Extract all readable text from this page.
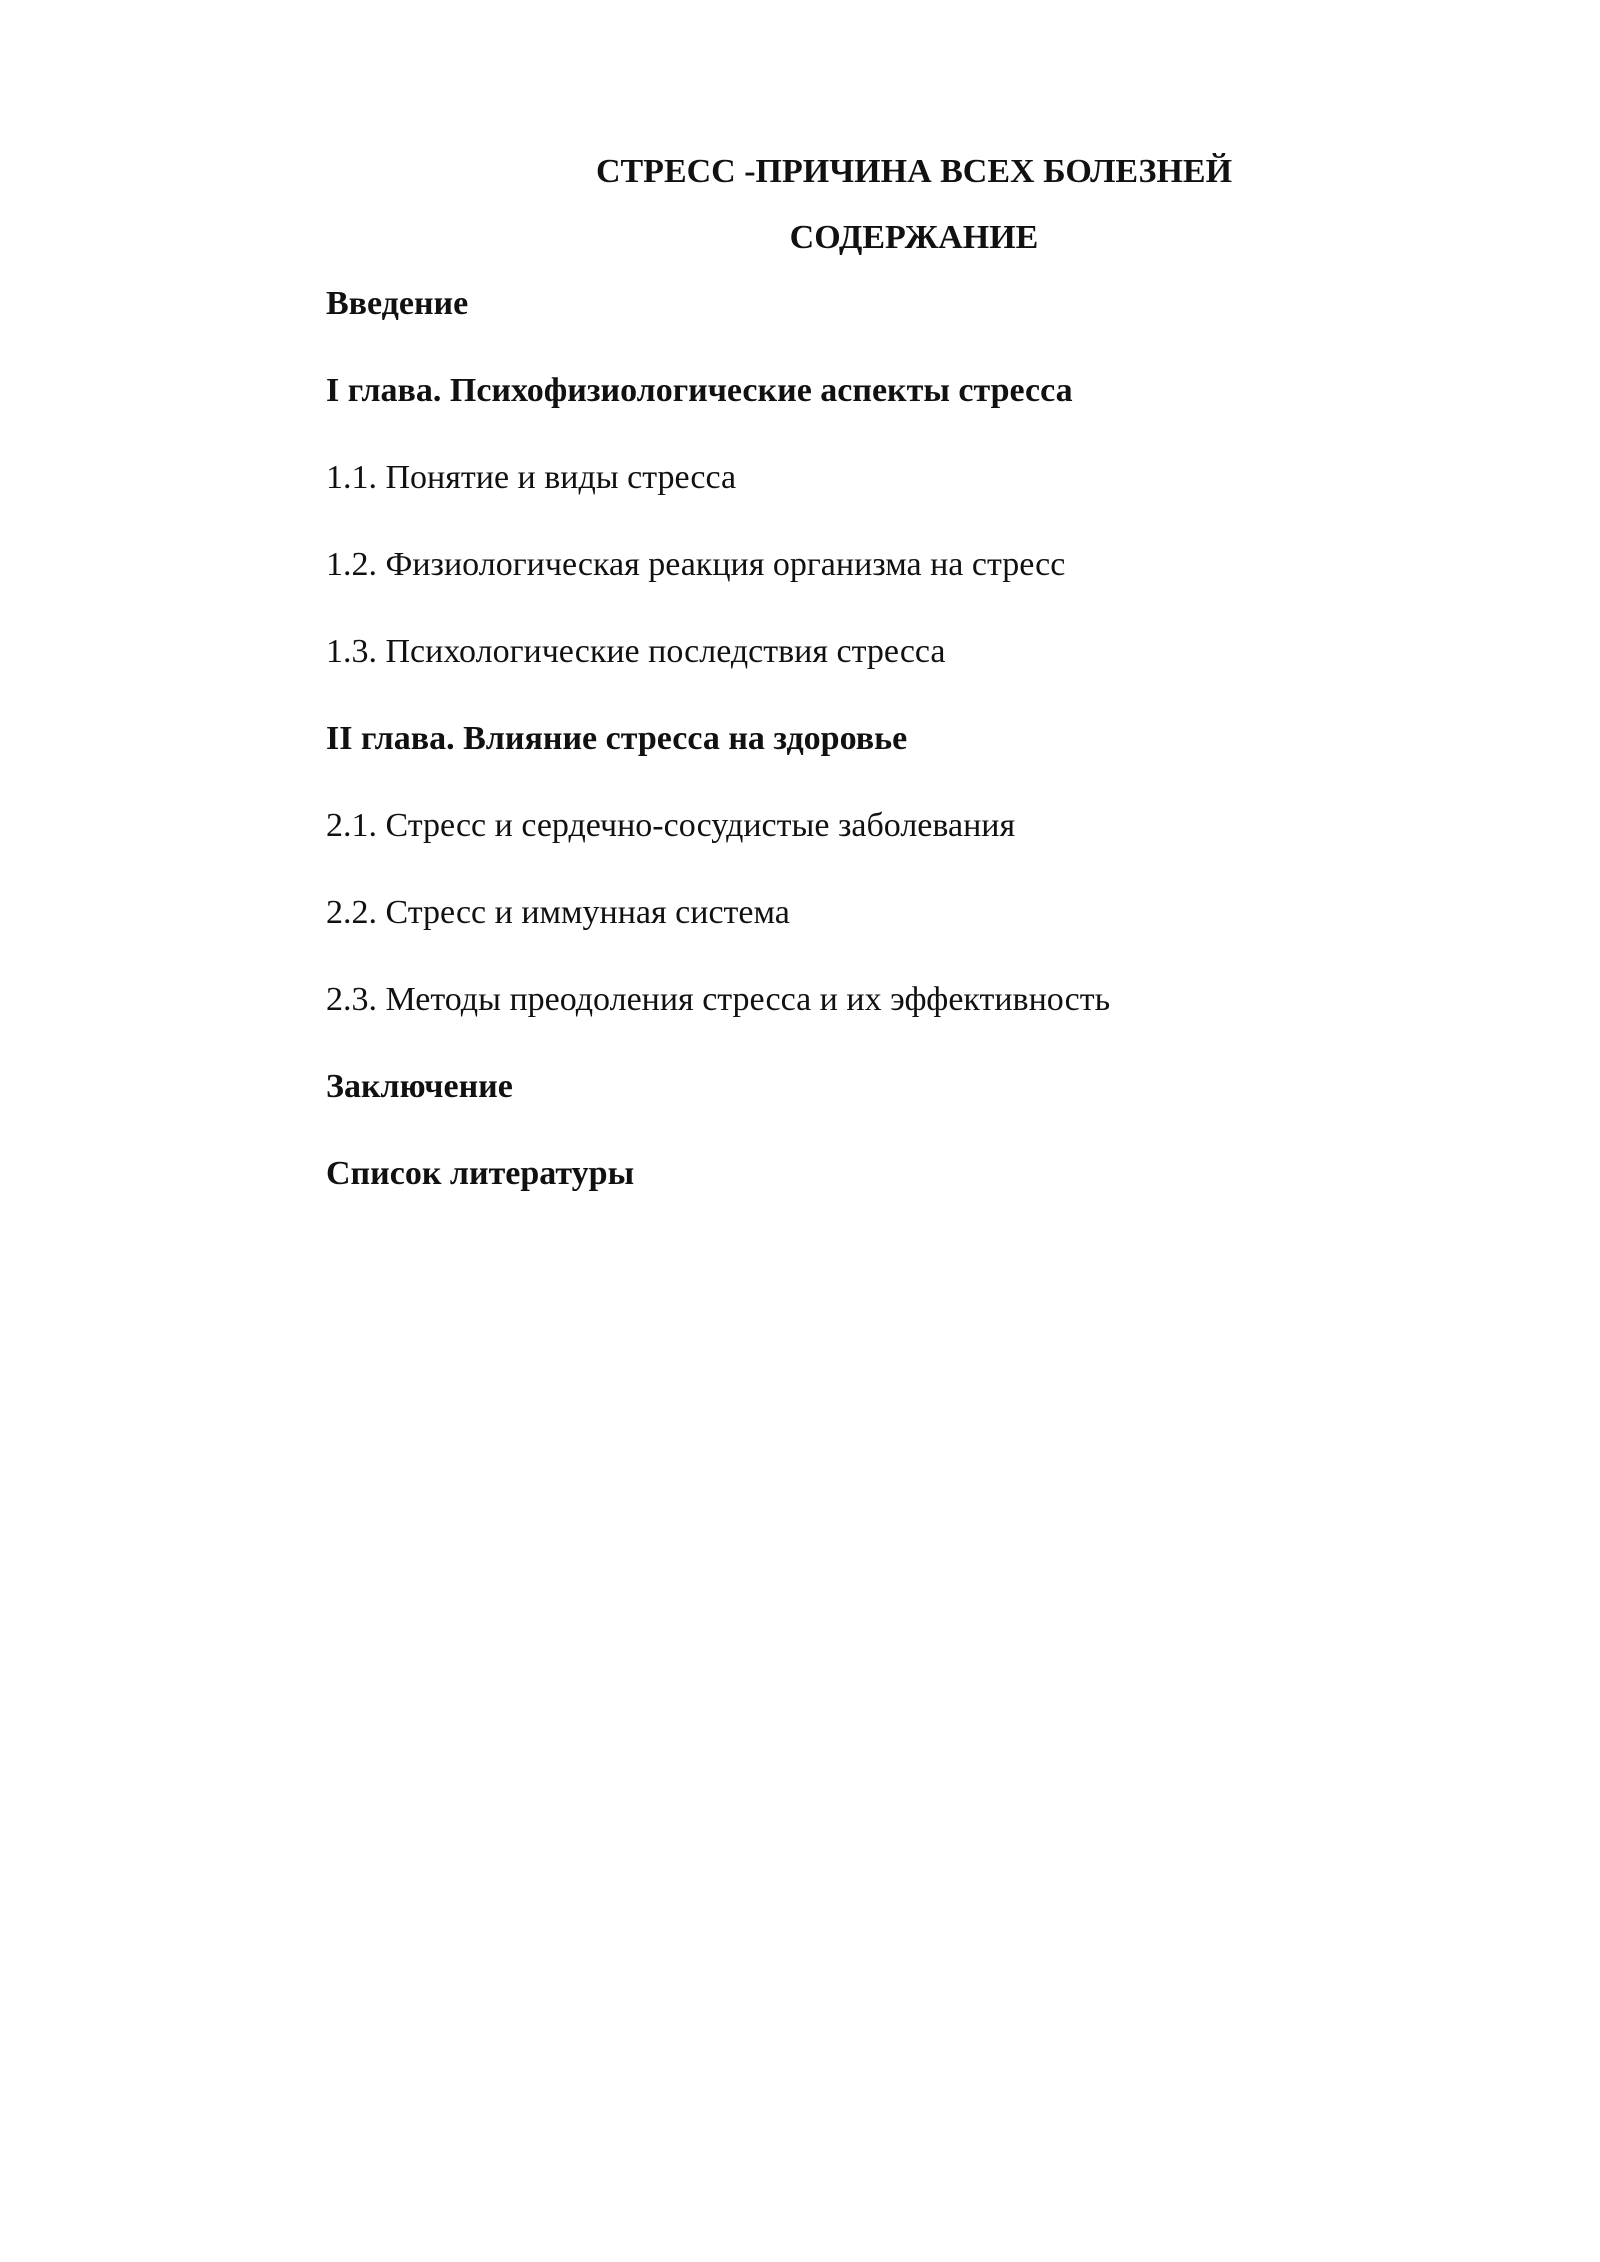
СТРЕСС -ПРИЧИНА ВСЕХ БОЛЕЗНЕЙ
СОДЕРЖАНИЕ
Введение
I глава. Психофизиологические аспекты стресса
1.1. Понятие и виды стресса
1.2. Физиологическая реакция организма на стресс
1.3. Психологические последствия стресса
II глава. Влияние стресса на здоровье
2.1. Стресс и сердечно-сосудистые заболевания
2.2. Стресс и иммунная система
2.3. Методы преодоления стресса и их эффективность
Заключение
Список литературы
